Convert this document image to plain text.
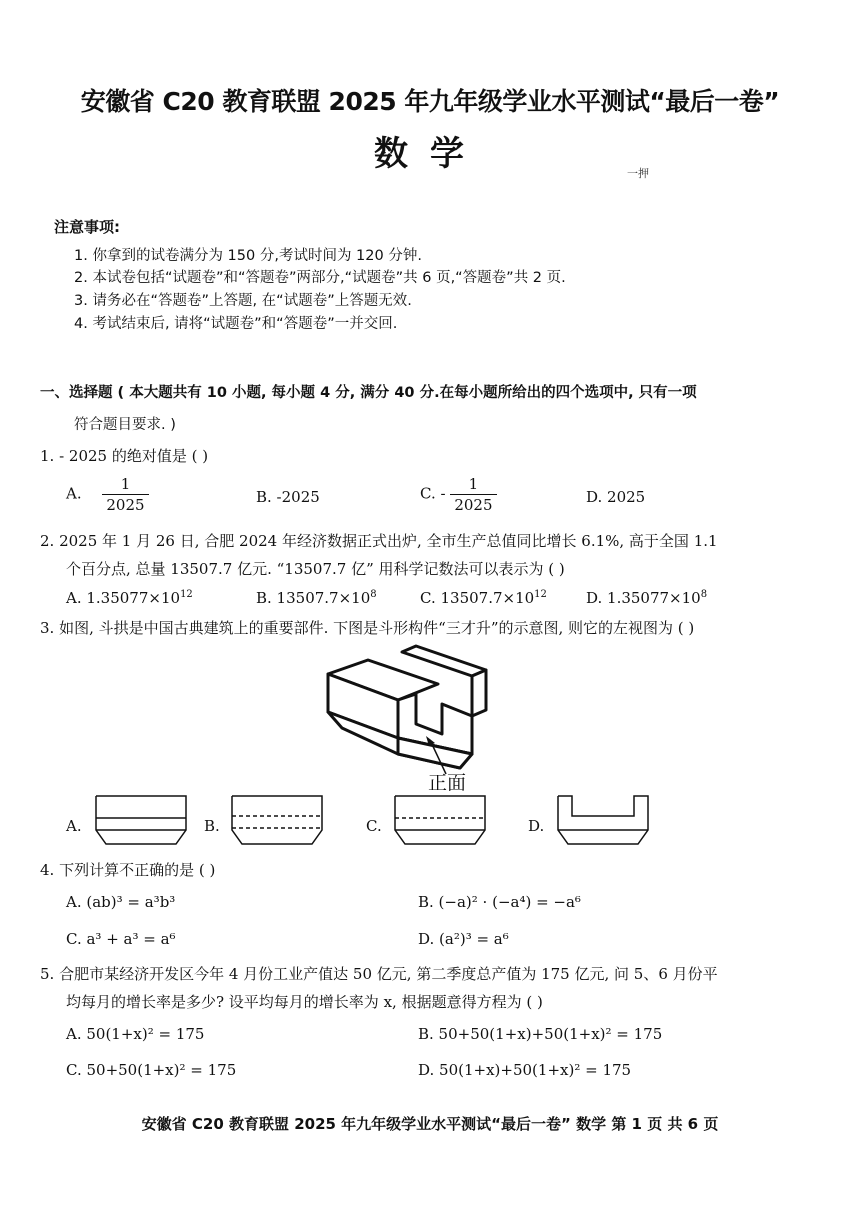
安徽省 C20 教育联盟 2025 年九年级学业水平测试“最后一卷”
数学	一押
注意事项:
1. 你拿到的试卷满分为 150 分,考试时间为 120 分钟.
2. 本试卷包括“试题卷”和“答题卷”两部分,“试题卷”共 6 页,“答题卷”共 2 页.
3. 请务必在“答题卷”上答题, 在“试题卷”上答题无效.
4. 考试结束后, 请将“试题卷”和“答题卷”一并交回.
一、选择题 ( 本大题共有 10 小题, 每小题 4 分, 满分 40 分.在每小题所给出的四个选项中, 只有一项
符合题目要求. )
1. - 2025 的绝对值是 ( )
A. $\frac{1}{2025}$	B. -2025	C. - $\frac{1}{2025}$	D. 2025
2. 2025 年 1 月 26 日, 合肥 2024 年经济数据正式出炉, 全市生产总值同比增长 6.1%, 高于全国 1.1
个百分点, 总量 13507.7 亿元. “13507.7 亿” 用科学记数法可以表示为 ( )
A. $1.35077\times 10^{12}$	B. $13507.7\times 10^8$	C. $13507.7\times 10^{12}$	D. $1.35077\times 10^8$
3. 如图, 斗拱是中国古典建筑上的重要部件. 下图是斗形构件“三才升”的示意图, 则它的左视图为 ( )
正面
A.	B.	C.	D.
4. 下列计算不正确的是 ( )
A. (ab)³ = a³b³	B. (−a)² · (−a⁴) = −a⁶
C. a³ + a³ = a⁶	D. (a²)³ = a⁶
5. 合肥市某经济开发区今年 4 月份工业产值达 50 亿元, 第二季度总产值为 175 亿元, 问 5、6 月份平
均每月的增长率是多少? 设平均每月的增长率为 x, 根据题意得方程为 ( )
A. 50(1+x)² = 175	B. 50+50(1+x)+50(1+x)² = 175
C. 50+50(1+x)² = 175	D. 50(1+x)+50(1+x)² = 175
安徽省 C20 教育联盟 2025 年九年级学业水平测试“最后一卷” 数学 第 1 页 共 6 页
